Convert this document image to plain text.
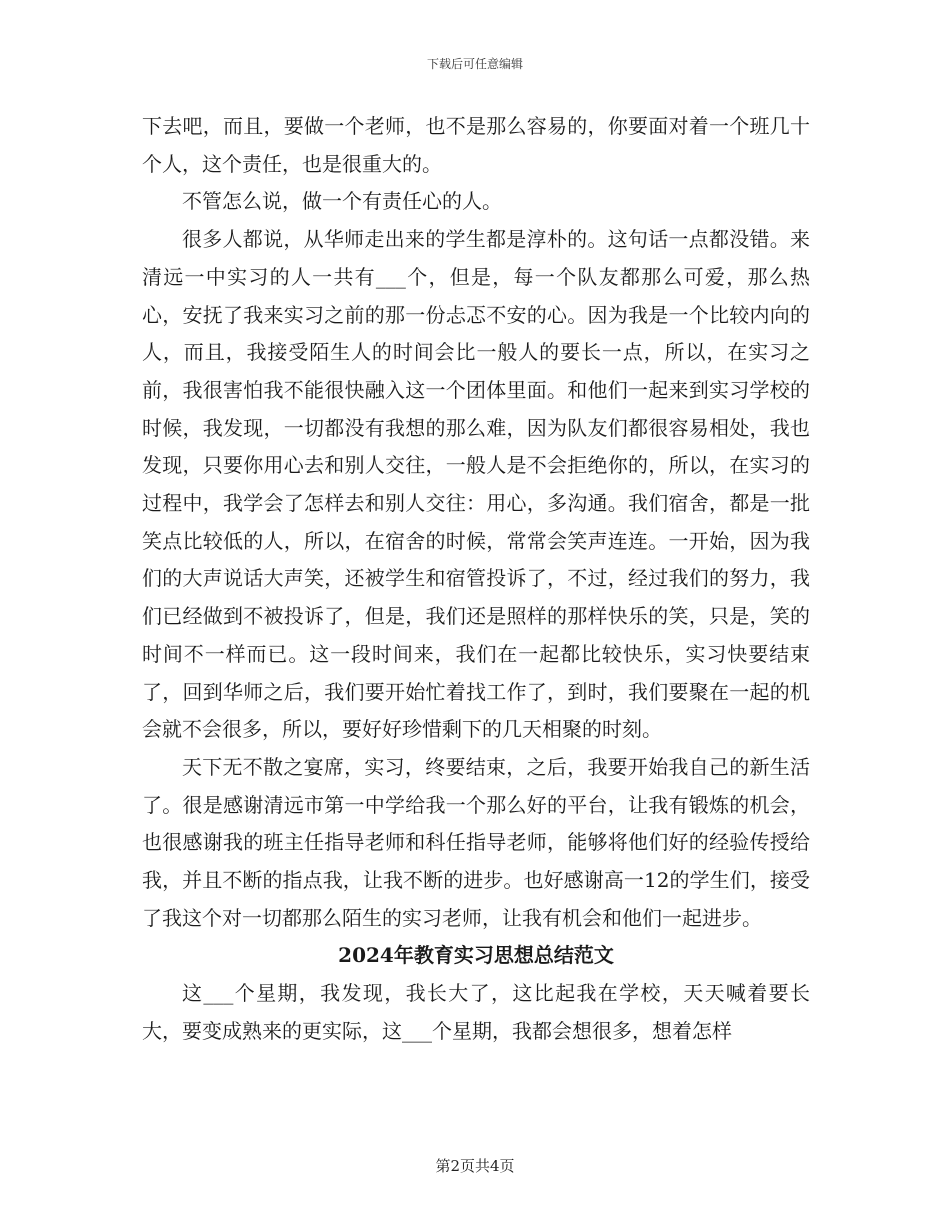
下载后可任意编辑

下去吧，而且，要做一个老师，也不是那么容易的，你要面对着一个班几十个人，这个责任，也是很重大的。

不管怎么说，做一个有责任心的人。

很多人都说，从华师走出来的学生都是淳朴的。这句话一点都没错。来清远一中实习的人一共有___个，但是，每一个队友都那么可爱，那么热心，安抚了我来实习之前的那一份忐忑不安的心。因为我是一个比较内向的人，而且，我接受陌生人的时间会比一般人的要长一点，所以，在实习之前，我很害怕我不能很快融入这一个团体里面。和他们一起来到实习学校的时候，我发现，一切都没有我想的那么难，因为队友们都很容易相处，我也发现，只要你用心去和别人交往，一般人是不会拒绝你的，所以，在实习的过程中，我学会了怎样去和别人交往：用心，多沟通。我们宿舍，都是一批笑点比较低的人，所以，在宿舍的时候，常常会笑声连连。一开始，因为我们的大声说话大声笑，还被学生和宿管投诉了，不过，经过我们的努力，我们已经做到不被投诉了，但是，我们还是照样的那样快乐的笑，只是，笑的时间不一样而已。这一段时间来，我们在一起都比较快乐，实习快要结束了，回到华师之后，我们要开始忙着找工作了，到时，我们要聚在一起的机会就不会很多，所以，要好好珍惜剩下的几天相聚的时刻。

天下无不散之宴席，实习，终要结束，之后，我要开始我自己的新生活了。很是感谢清远市第一中学给我一个那么好的平台，让我有锻炼的机会，也很感谢我的班主任指导老师和科任指导老师，能够将他们好的经验传授给我，并且不断的指点我，让我不断的进步。也好感谢高一12的学生们，接受了我这个对一切都那么陌生的实习老师，让我有机会和他们一起进步。

2024年教育实习思想总结范文

这___个星期，我发现，我长大了，这比起我在学校，天天喊着要长大，要变成熟来的更实际，这___个星期，我都会想很多，想着怎样

第2页共4页
